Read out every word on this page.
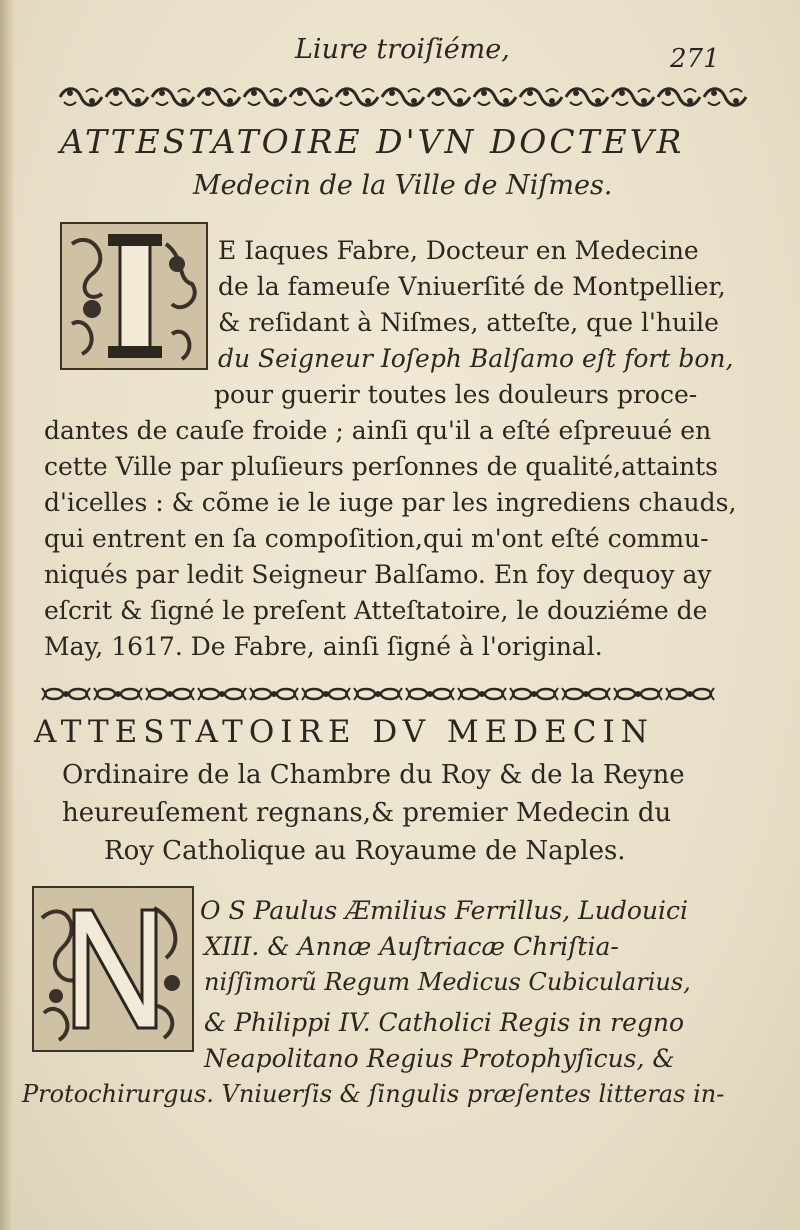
Liure troiſiéme,	271
ATTESTATOIRE D'VN DOCTEVR
Medecin de la Ville de Niſmes.
E Iaques Fabre, Docteur en Medecine
de la fameuſe Vniuerſité de Montpellier,
& reſidant à Niſmes, atteſte, que l'huile
du Seigneur Ioſeph Balſamo eſt fort bon,
pour guerir toutes les douleurs proce-
dantes de cauſe froide ; ainſi qu'il a eſté eſpreuué en
cette Ville par pluſieurs perſonnes de qualité,attaints
d'icelles : & cõme ie le iuge par les ingrediens chauds,
qui entrent en ſa compoſition,qui m'ont eſté commu-
niqués par ledit Seigneur Balſamo. En foy dequoy ay
eſcrit & ſigné le preſent Atteſtatoire, le douziéme de
May, 1617. De Fabre, ainſi ſigné à l'original.
ATTESTATOIRE DV MEDECIN
Ordinaire de la Chambre du Roy & de la Reyne
heureuſement regnans,& premier Medecin du
Roy Catholique au Royaume de Naples.
O S Paulus Æmilius Ferrillus, Ludouici
XIII. & Annæ Auſtriacæ Chriſtia-
niſſimorũ Regum Medicus Cubicularius,
& Philippi IV. Catholici Regis in regno
Neapolitano Regius Protophyſicus, &
Protochirurgus. Vniuerſis & ſingulis præſentes litteras in-
